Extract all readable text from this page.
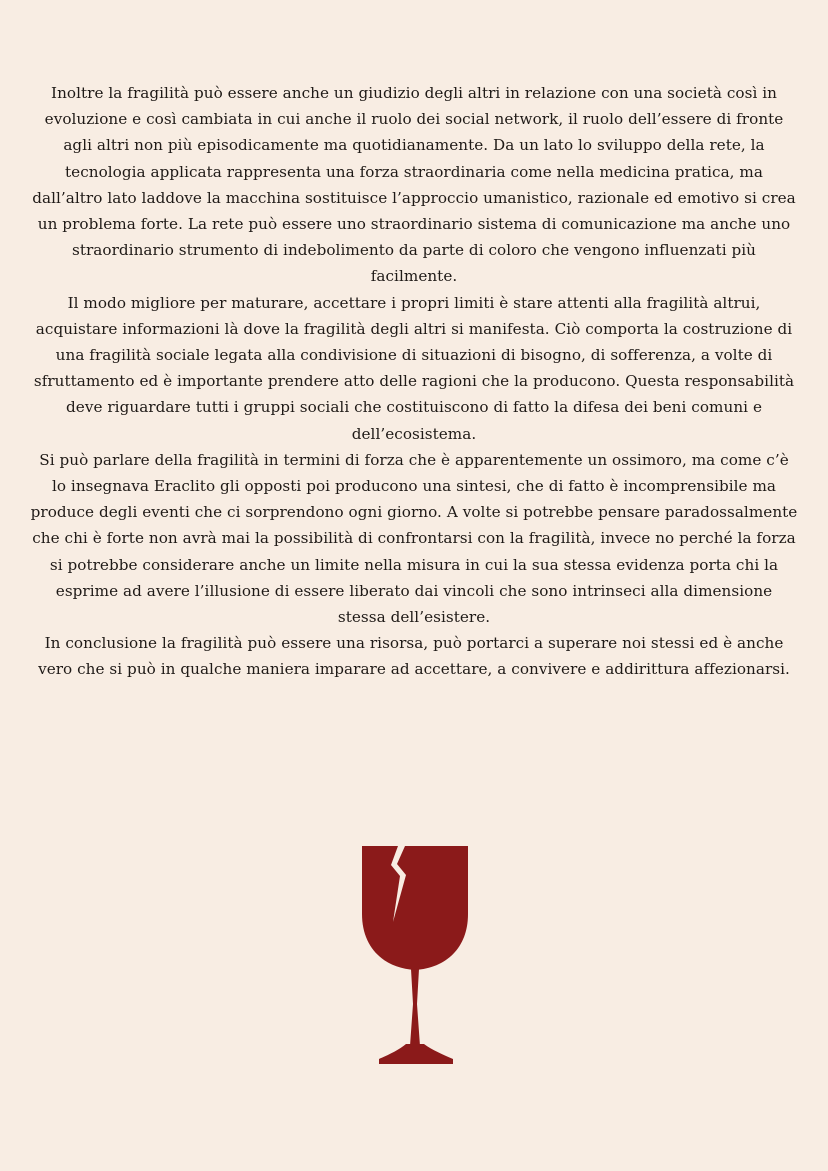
Inoltre la fragilità può essere anche un giudizio degli altri in relazione con una società così in evoluzione e così cambiata in cui anche il ruolo dei social network, il ruolo dell’essere di fronte agli altri non più episodicamente ma quotidianamente. Da un lato lo sviluppo della rete, la tecnologia applicata rappresenta una forza straordinaria come nella medicina pratica, ma dall’altro lato laddove la macchina sostituisce l’approccio umanistico, razionale ed emotivo si crea un problema forte. La rete può essere uno straordinario sistema di comunicazione ma anche uno straordinario strumento di indebolimento da parte di coloro che vengono influenzati più facilmente.

Il modo migliore per maturare, accettare i propri limiti è stare attenti alla fragilità altrui, acquistare informazioni là dove la fragilità degli altri si manifesta. Ciò comporta la costruzione di una fragilità sociale legata alla condivisione di situazioni di bisogno, di sofferenza, a volte di sfruttamento ed è importante prendere atto delle ragioni che la producono. Questa responsabilità deve riguardare tutti i gruppi sociali che costituiscono di fatto la difesa dei beni comuni e dell’ecosistema.

Si può parlare della fragilità in termini di forza che è apparentemente un ossimoro, ma come c’è lo insegnava Eraclito gli opposti poi producono una sintesi, che di fatto è incomprensibile ma produce degli eventi che ci sorprendono ogni giorno. A volte si potrebbe pensare paradossalmente che chi è forte non avrà mai la possibilità di confrontarsi con la fragilità, invece no perché la forza si potrebbe considerare anche un limite nella misura in cui la sua stessa evidenza porta chi la esprime ad avere l’illusione di essere liberato dai vincoli che sono intrinseci alla dimensione stessa dell’esistere.

In conclusione la fragilità può essere una risorsa, può portarci a superare noi stessi ed è anche vero che si può in qualche maniera imparare ad accettare, a convivere e addirittura affezionarsi.
